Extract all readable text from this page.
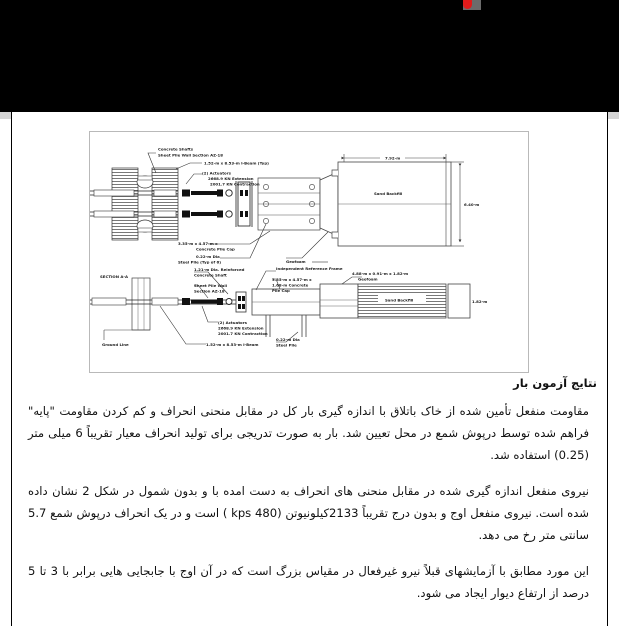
Sand Backfill
7.92-m
6.40-m
Concrete Shafts
Sheet Pile Wall Section AZ-18
1.52-m x 8.53-m I-Beam (Typ)
(2) Actuators
2668.9 KN Extension
2001.7 KN Contraction
3.35-m x 4.57-m x
Concrete Pile Cap
0.22-m Dia
Steel Pile (Typ of 6)	Geofoam
SECTION A-A
Ground Line
Sand Backfill	1.82-m
1.21-m Dia. Reinforced
Concrete Shaft
Sheet Pile Wall
Section AZ-18
Independent Reference Frame
3.35-m x 4.57-m x
1.68-m Concrete
Pile Cap
4.88-m x 0.91-m x 1.82-m
Geofoam
(2) Actuators
2668.9 KN Extension
2001.7 KN Contraction
1.52-m x 8.53-m I-Beam
0.22-m Dia
Steel Pile
نتایج آزمون بار

مقاومت منفعل تأمین شده از خاک باتلاق با اندازه گیری بار کل در مقابل منحنی انحراف و کم کردن مقاومت "پایه" فراهم شده توسط درپوش شمع در محل تعیین شد. بار به صورت تدریجی برای تولید انحراف معیار تقریباً 6 میلی متر (0.25) استفاده شد.

نیروی منفعل اندازه گیری شده در مقابل منحنی های انحراف به دست امده با و بدون شمول در شکل 2 نشان داده شده است. نیروی منفعل اوج و بدون درج تقریباً 2133کیلونیوتن (480 kps ) است و در یک انحراف درپوش شمع 5.7 سانتی متر رخ می دهد.

این مورد مطابق با آزمایشهای قبلاً نیرو غیرفعال در مقیاس بزرگ است که در آن اوج با جابجایی هایی برابر با 3 تا 5 درصد از ارتفاع دیوار ایجاد می شود.
